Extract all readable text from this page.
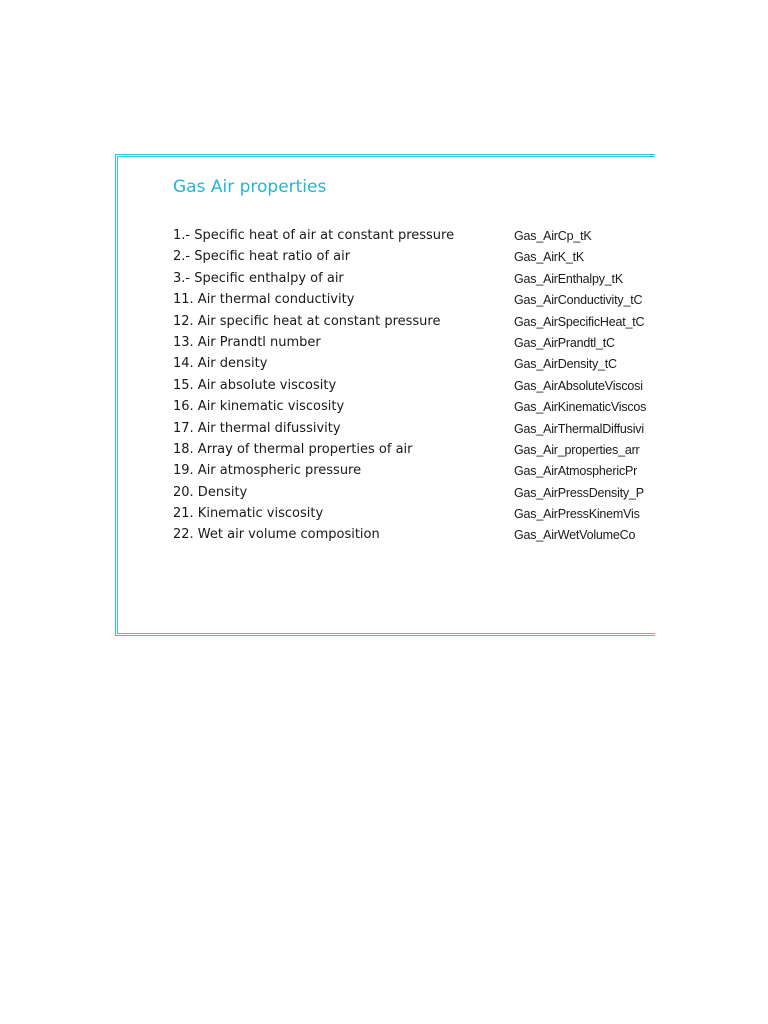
Gas Air properties
1.- Specific heat of air at constant pressure	Gas_AirCp_tK
2.- Specific heat ratio of air	Gas_AirK_tK
3.- Specific enthalpy of air	Gas_AirEnthalpy_tK
11. Air thermal conductivity	Gas_AirConductivity_tC
12. Air specific heat at constant pressure	Gas_AirSpecificHeat_tC
13. Air Prandtl number	Gas_AirPrandtl_tC
14. Air density	Gas_AirDensity_tC
15. Air absolute viscosity	Gas_AirAbsoluteViscosi
16. Air kinematic viscosity	Gas_AirKinematicViscos
17. Air thermal difussivity	Gas_AirThermalDiffusivi
18. Array of thermal properties of air	Gas_Air_properties_arr
19. Air atmospheric pressure	Gas_AirAtmosphericPr
20. Density	Gas_AirPressDensity_P
21. Kinematic viscosity	Gas_AirPressKinemVis
22. Wet air volume composition	Gas_AirWetVolumeCo
